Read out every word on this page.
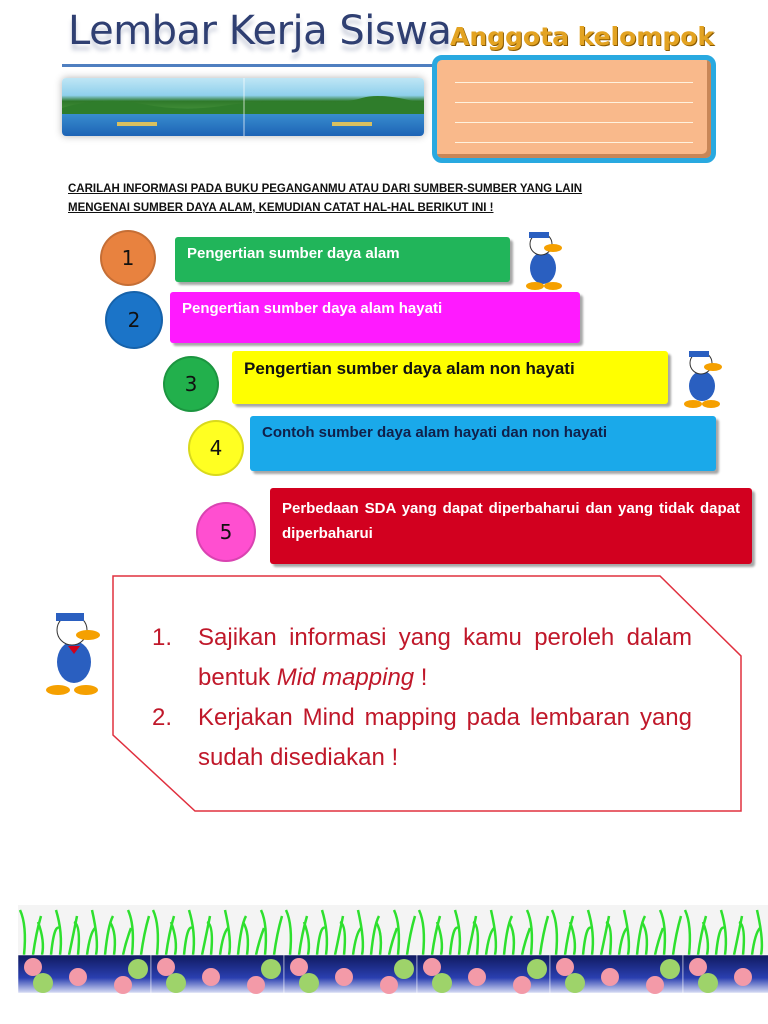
Lembar Kerja Siswa
Anggota kelompok
CARILAH INFORMASI PADA BUKU PEGANGANMU ATAU DARI SUMBER-SUMBER YANG LAIN
MENGENAI SUMBER DAYA ALAM, KEMUDIAN CATAT HAL-HAL BERIKUT INI !
1	Pengertian sumber daya alam
2	Pengertian sumber daya alam hayati
3
Pengertian sumber daya alam non hayati
4
Contoh sumber daya alam hayati dan non hayati
5
Perbedaan SDA yang dapat diperbaharui dan yang tidak dapat diperbaharui
1.	Sajikan informasi yang kamu peroleh dalam bentuk Mid mapping !
2.	Kerjakan Mind mapping pada lembaran yang sudah disediakan !
